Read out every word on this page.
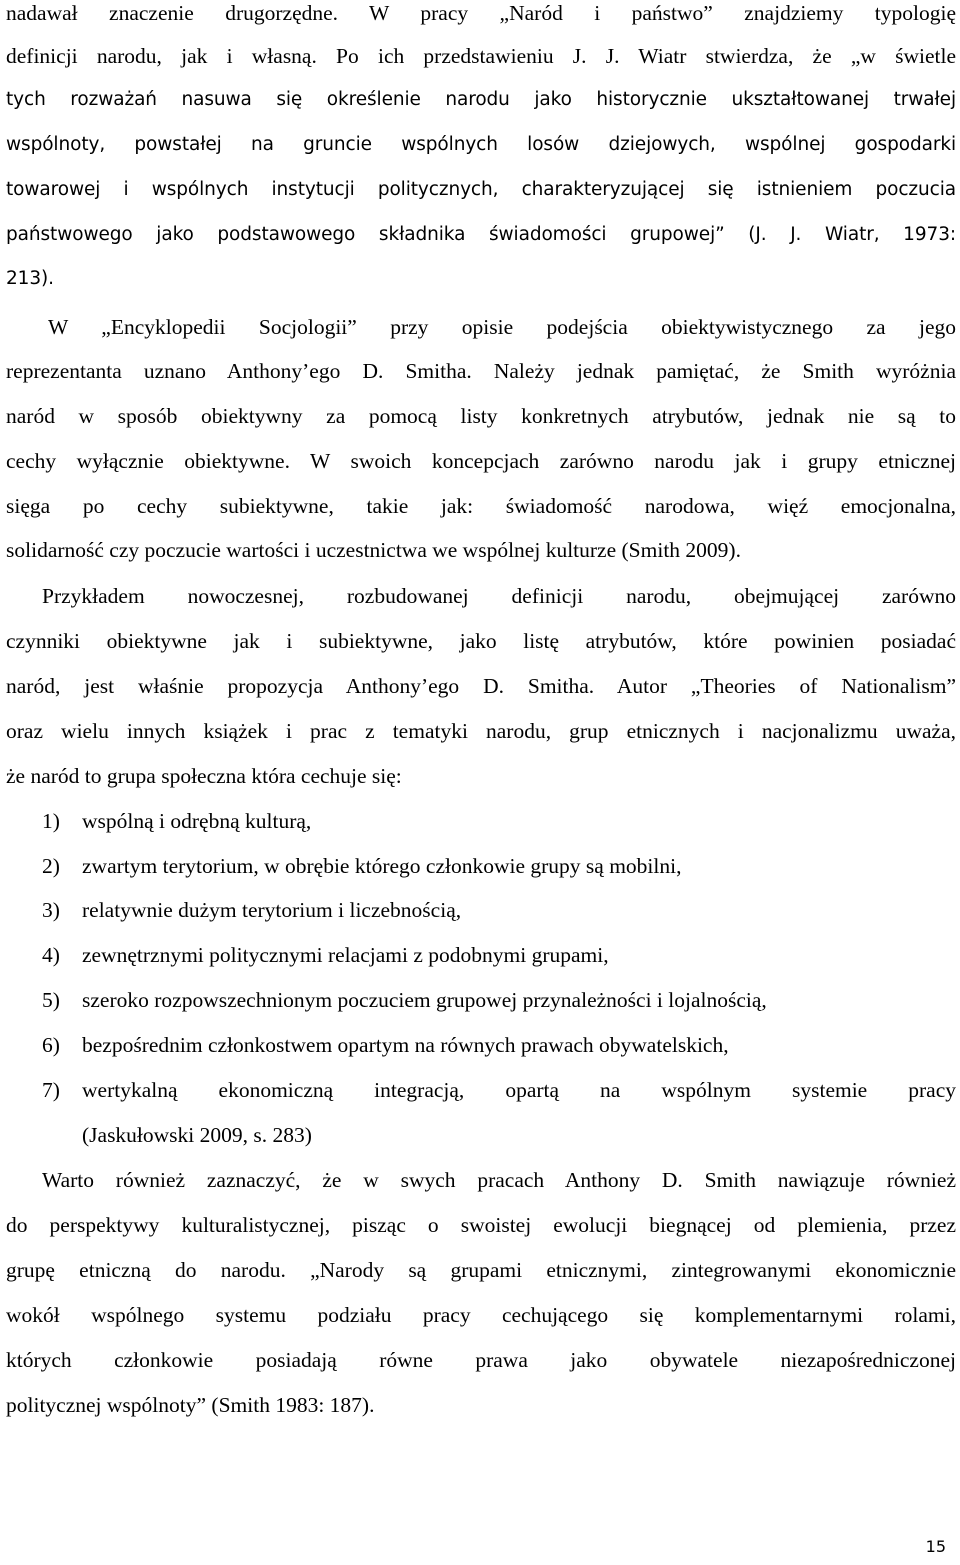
nadawał znaczenie drugorzędne. W pracy „Naród i państwo” znajdziemy typologię
definicji narodu, jak i własną. Po ich przedstawieniu J. J. Wiatr stwierdza, że „w świetle
tych rozważań nasuwa się określenie narodu jako historycznie ukształtowanej trwałej
wspólnoty, powstałej na gruncie wspólnych losów dziejowych, wspólnej gospodarki
towarowej i wspólnych instytucji politycznych, charakteryzującej się istnieniem poczucia
państwowego jako podstawowego składnika świadomości grupowej” (J. J. Wiatr, 1973:
213).
W „Encyklopedii Socjologii” przy opisie podejścia obiektywistycznego za jego
reprezentanta uznano Anthony’ego D. Smitha. Należy jednak pamiętać, że Smith wyróżnia
naród w sposób obiektywny za pomocą listy konkretnych atrybutów, jednak nie są to
cechy wyłącznie obiektywne. W swoich koncepcjach zarówno narodu jak i grupy etnicznej
sięga po cechy subiektywne, takie jak: świadomość narodowa, więź emocjonalna,
solidarność czy poczucie wartości i uczestnictwa we wspólnej kulturze (Smith 2009).
Przykładem nowoczesnej, rozbudowanej definicji narodu, obejmującej zarówno
czynniki obiektywne jak i subiektywne, jako listę atrybutów, które powinien posiadać
naród, jest właśnie propozycja Anthony’ego D. Smitha. Autor „Theories of Nationalism”
oraz wielu innych książek i prac z tematyki narodu, grup etnicznych i nacjonalizmu uważa,
że naród to grupa społeczna która cechuje się:
1) wspólną i odrębną kulturą,
2) zwartym terytorium, w obrębie którego członkowie grupy są mobilni,
3) relatywnie dużym terytorium i liczebnością,
4) zewnętrznymi politycznymi relacjami z podobnymi grupami,
5) szeroko rozpowszechnionym poczuciem grupowej przynależności i lojalnością,
6) bezpośrednim członkostwem opartym na równych prawach obywatelskich,
7) wertykalną ekonomiczną integracją, opartą na wspólnym systemie pracy
(Jaskułowski 2009, s. 283)
Warto również zaznaczyć, że w swych pracach Anthony D. Smith nawiązuje również
do perspektywy kulturalistycznej, pisząc o swoistej ewolucji biegnącej od plemienia, przez
grupę etniczną do narodu. „Narody są grupami etnicznymi, zintegrowanymi ekonomicznie
wokół wspólnego systemu podziału pracy cechującego się komplementarnymi rolami,
których członkowie posiadają równe prawa jako obywatele niezapośredniczonej
politycznej wspólnoty” (Smith 1983: 187).
15
